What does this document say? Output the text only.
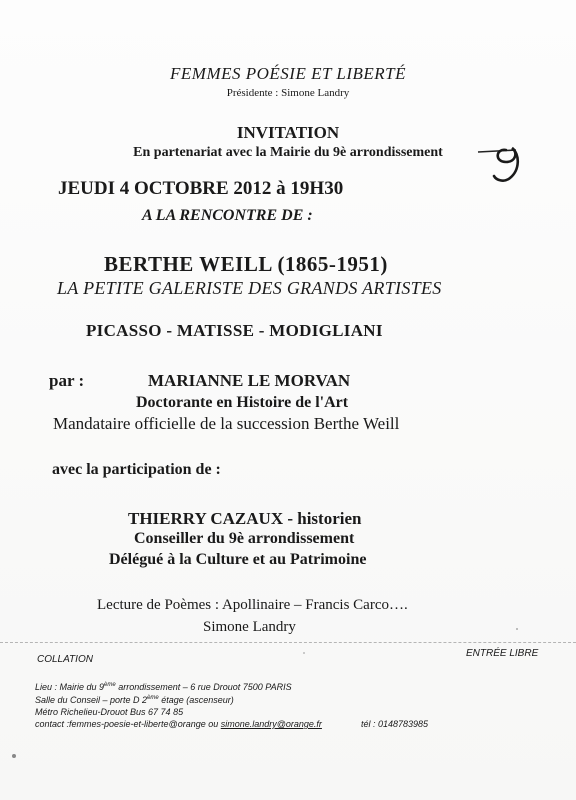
FEMMES POÉSIE ET LIBERTÉ
Présidente : Simone Landry
INVITATION
En partenariat avec la Mairie du 9è arrondissement
JEUDI 4 OCTOBRE 2012 à 19H30
A LA RENCONTRE DE :
BERTHE WEILL (1865-1951)
LA PETITE GALERISTE DES GRANDS ARTISTES
PICASSO - MATISSE - MODIGLIANI
par :	MARIANNE LE MORVAN
Doctorante en Histoire de l'Art
Mandataire officielle de la succession Berthe Weill
avec la participation de :
THIERRY CAZAUX - historien
Conseiller du 9è arrondissement
Délégué à la Culture et au Patrimoine
Lecture de Poèmes : Apollinaire – Francis Carco….
Simone Landry
COLLATION
ENTRÉE LIBRE
Lieu : Mairie du 9ème arrondissement – 6 rue Drouot 7500 PARIS
Salle du Conseil – porte D 2ème étage (ascenseur)
Métro Richelieu-Drouot Bus 67 74 85
contact :femmes-poesie-et-liberte@orange ou simone.landry@orange.fr	tél : 0148783985
